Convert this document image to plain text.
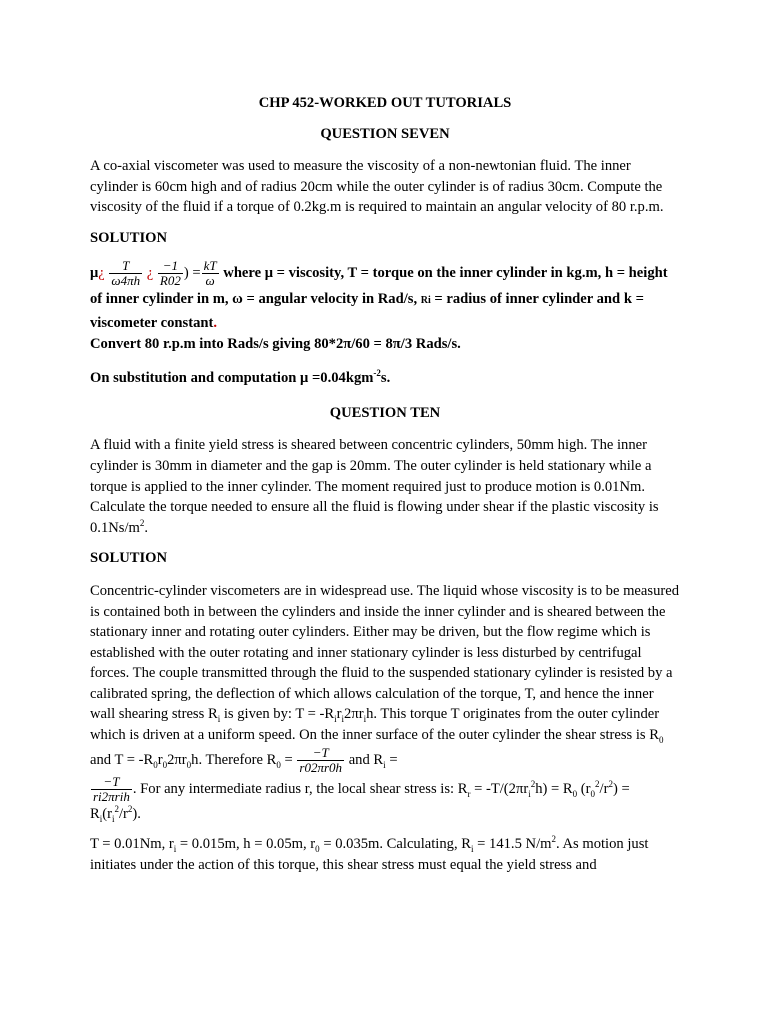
CHP 452-WORKED OUT TUTORIALS
QUESTION SEVEN

A co-axial viscometer was used to measure the viscosity of a non-newtonian fluid. The inner cylinder is 60cm high and of radius 20cm while the outer cylinder is of radius 30cm. Compute the viscosity of the fluid if a torque of 0.2kg.m is required to maintain an angular velocity of 80 r.p.m.

SOLUTION

μ¿ $\frac{T}{\omega 4\pi h}$ ¿ $\frac{-1}{R02}$ ) = $\frac{kT}{\omega}$ where μ = viscosity, T = torque on the inner cylinder in kg.m, h = height of inner cylinder in m, ω = angular velocity in Rad/s, Ri = radius of inner cylinder and k = viscometer constant.

Convert 80 r.p.m into Rads/s giving 80*2π/60 = 8π/3 Rads/s.

On substitution and computation μ =0.04kgm$^{-2}$s.

QUESTION TEN

A fluid with a finite yield stress is sheared between concentric cylinders, 50mm high. The inner cylinder is 30mm in diameter and the gap is 20mm. The outer cylinder is held stationary while a torque is applied to the inner cylinder. The moment required just to produce motion is 0.01Nm. Calculate the torque needed to ensure all the fluid is flowing under shear if the plastic viscosity is $0.1Ns/m^2$.

SOLUTION

Concentric-cylinder viscometers are in widespread use. The liquid whose viscosity is to be measured is contained both in between the cylinders and inside the inner cylinder and is sheared between the stationary inner and rotating outer cylinders. Either may be driven, but the flow regime which is established with the outer rotating and inner stationary cylinder is less disturbed by centrifugal forces. The couple transmitted through the fluid to the suspended stationary cylinder is resisted by a calibrated spring, the deflection of which allows calculation of the torque, T, and hence the inner wall shearing stress $R_i$ is given by: $T = -R_ir_i2\pi r_ih$. This torque T originates from the outer cylinder which is driven at a uniform speed. On the inner surface of the outer cylinder the shear stress is $R_0$ and $T = -R_0r_02\pi r_0h$. Therefore $R_0 = \frac{-T}{r02\pi r0h}$ and $R_i$ =

$\frac{-T}{\text{ri2πrih}}$ . For any intermediate radius r, the local shear stress is: $R_r = -T/(2\pi r_i^2h) = R_0$ $(r_0^2/r^2) = R_i(r_i^2/r^2)$.

T = 0.01Nm, $r_i = 0.015m$, h = 0.05m, $r_0 = 0.035m$. Calculating, $R_i = 141.5$ $N/m^2$. As motion just initiates under the action of this torque, this shear stress must equal the yield stress and
